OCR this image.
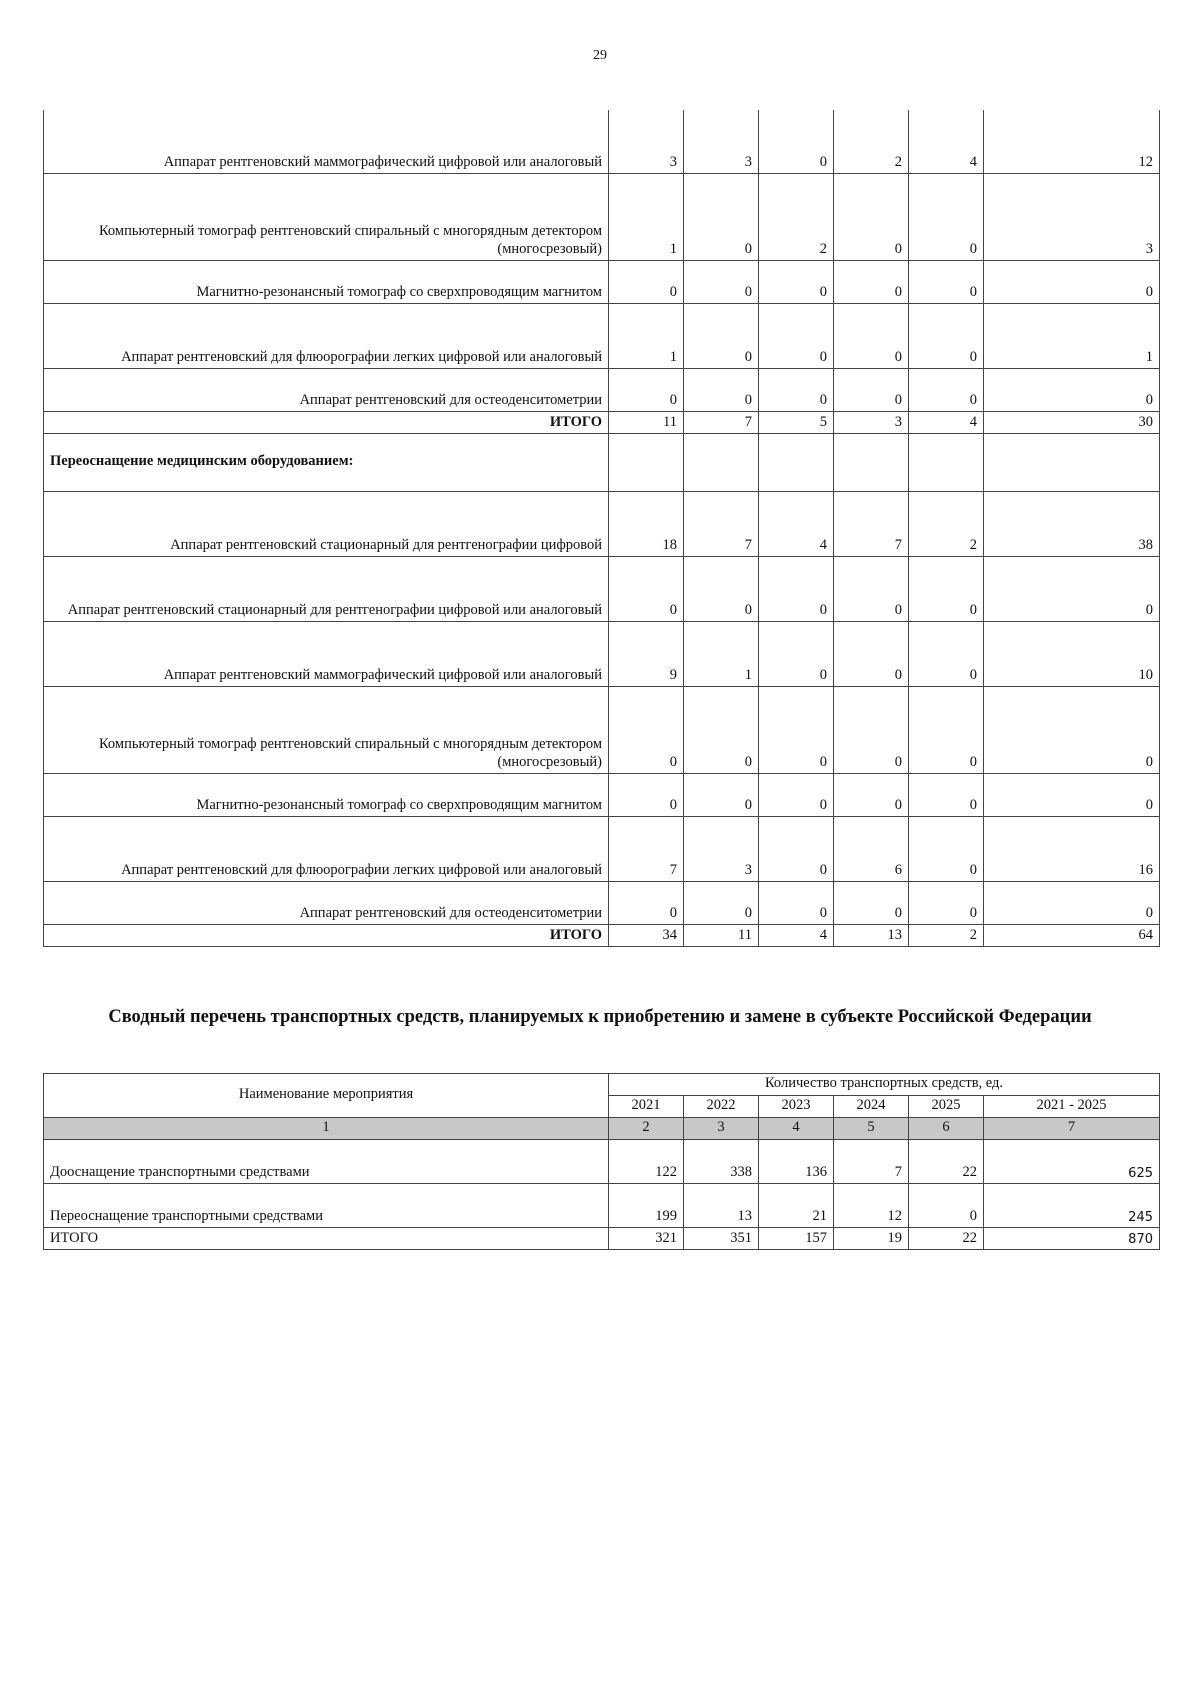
29
Аппарат рентгеновский маммографический цифровой или аналоговый	3	3	0	2	4	12
Компьютерный томограф рентгеновский спиральный с многорядным детектором (многосрезовый)	1	0	2	0	0	3
Магнитно-резонансный томограф со сверхпроводящим магнитом	0	0	0	0	0	0
Аппарат рентгеновский для флюорографии легких цифровой или аналоговый	1	0	0	0	0	1
Аппарат рентгеновский для остеоденситометрии	0	0	0	0	0	0
ИТОГО	11	7	5	3	4	30
Переоснащение медицинским оборудованием:						
Аппарат рентгеновский стационарный для рентгенографии цифровой	18	7	4	7	2	38
Аппарат рентгеновский стационарный для рентгенографии цифровой или аналоговый	0	0	0	0	0	0
Аппарат рентгеновский маммографический цифровой или аналоговый	9	1	0	0	0	10
Компьютерный томограф рентгеновский спиральный с многорядным детектором (многосрезовый)	0	0	0	0	0	0
Магнитно-резонансный томограф со сверхпроводящим магнитом	0	0	0	0	0	0
Аппарат рентгеновский для флюорографии легких цифровой или аналоговый	7	3	0	6	0	16
Аппарат рентгеновский для остеоденситометрии	0	0	0	0	0	0
ИТОГО	34	11	4	13	2	64
Сводный перечень транспортных средств, планируемых к приобретению и замене в субъекте Российской Федерации
Наименование мероприятия	Количество транспортных средств, ед.					
	2021	2022	2023	2024	2025	2021 - 2025
1	2	3	4	5	6	7
Дооснащение транспортными средствами	122	338	136	7	22	625
Переоснащение транспортными средствами	199	13	21	12	0	245
ИТОГО	321	351	157	19	22	870
